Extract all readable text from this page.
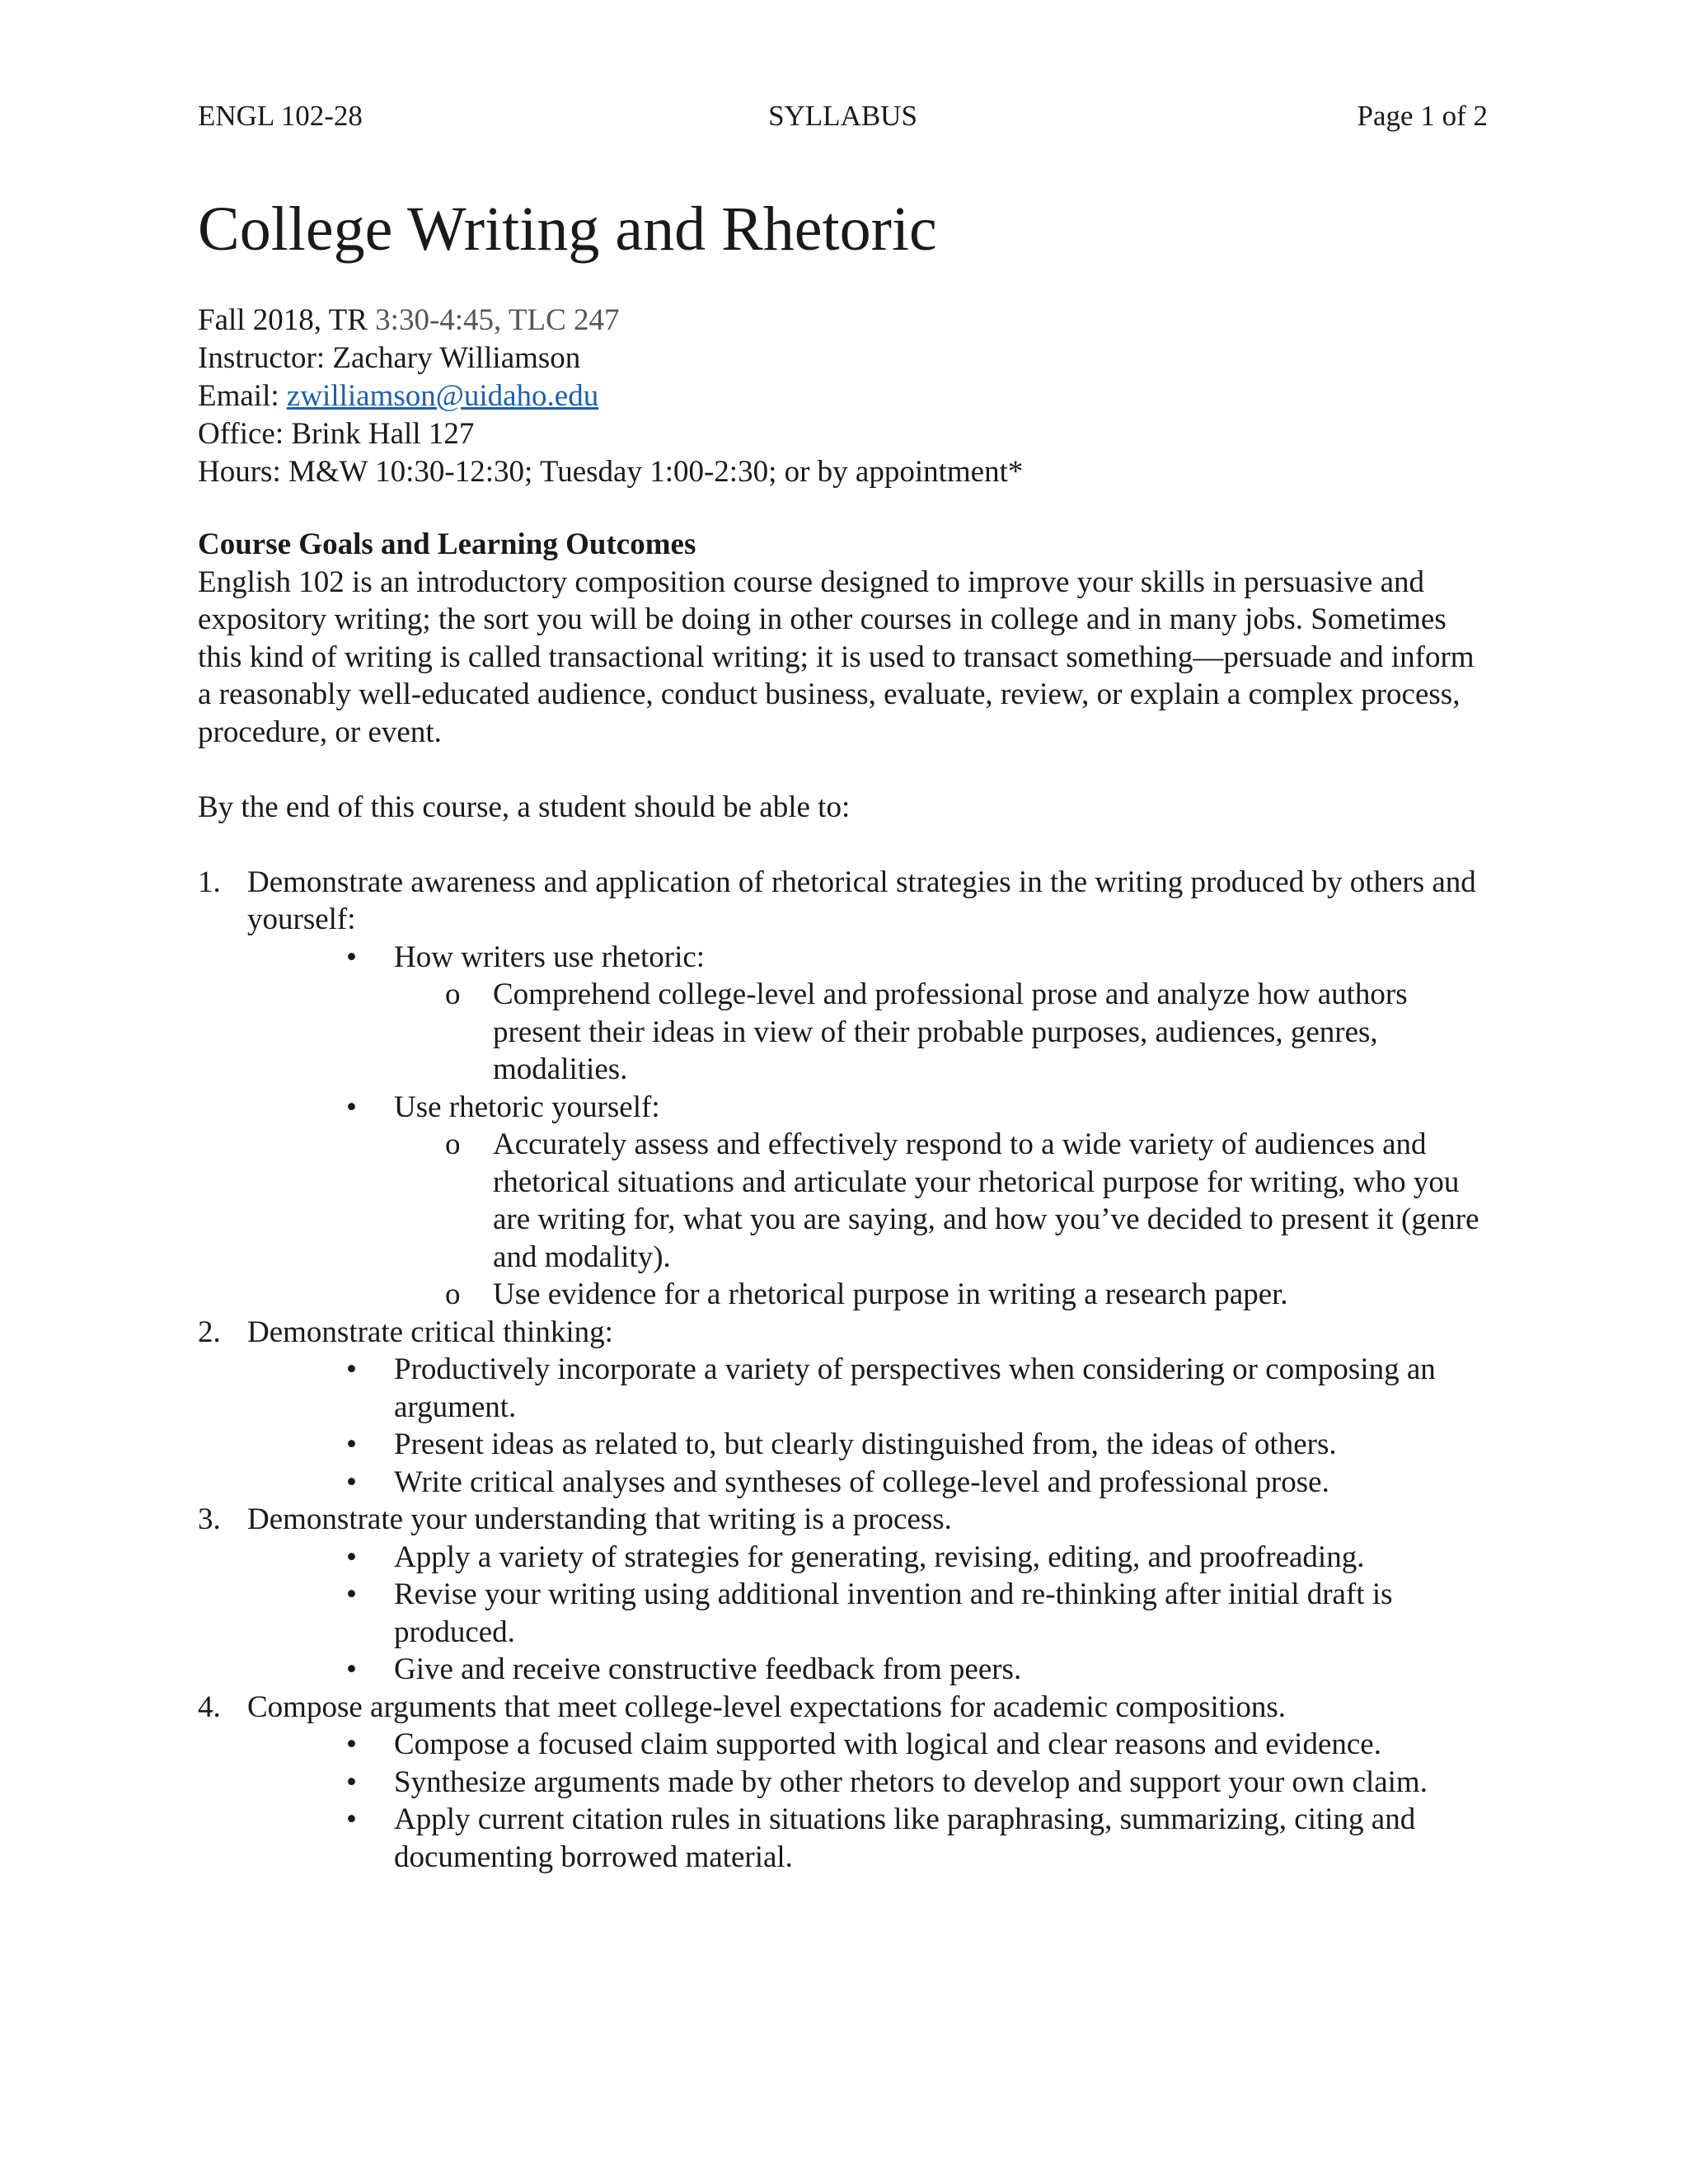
ENGL 102-28	SYLLABUS	Page 1 of 2
College Writing and Rhetoric
Fall 2018, TR 3:30-4:45, TLC 247
Instructor: Zachary Williamson
Email: zwilliamson@uidaho.edu
Office: Brink Hall 127
Hours: M&W 10:30-12:30; Tuesday 1:00-2:30; or by appointment*
Course Goals and Learning Outcomes

English 102 is an introductory composition course designed to improve your skills in persuasive and expository writing; the sort you will be doing in other courses in college and in many jobs. Sometimes this kind of writing is called transactional writing; it is used to transact something—persuade and inform a reasonably well-educated audience, conduct business, evaluate, review, or explain a complex process, procedure, or event.

By the end of this course, a student should be able to:

1. Demonstrate awareness and application of rhetorical strategies in the writing produced by others and yourself:
• How writers use rhetoric:
o Comprehend college-level and professional prose and analyze how authors present their ideas in view of their probable purposes, audiences, genres, modalities.
• Use rhetoric yourself:
o Accurately assess and effectively respond to a wide variety of audiences and rhetorical situations and articulate your rhetorical purpose for writing, who you are writing for, what you are saying, and how you’ve decided to present it (genre and modality).
o Use evidence for a rhetorical purpose in writing a research paper.
2. Demonstrate critical thinking:
• Productively incorporate a variety of perspectives when considering or composing an argument.
• Present ideas as related to, but clearly distinguished from, the ideas of others.
• Write critical analyses and syntheses of college-level and professional prose.
3. Demonstrate your understanding that writing is a process.
• Apply a variety of strategies for generating, revising, editing, and proofreading.
• Revise your writing using additional invention and re-thinking after initial draft is produced.
• Give and receive constructive feedback from peers.
4. Compose arguments that meet college-level expectations for academic compositions.
• Compose a focused claim supported with logical and clear reasons and evidence.
• Synthesize arguments made by other rhetors to develop and support your own claim.
• Apply current citation rules in situations like paraphrasing, summarizing, citing and documenting borrowed material.
